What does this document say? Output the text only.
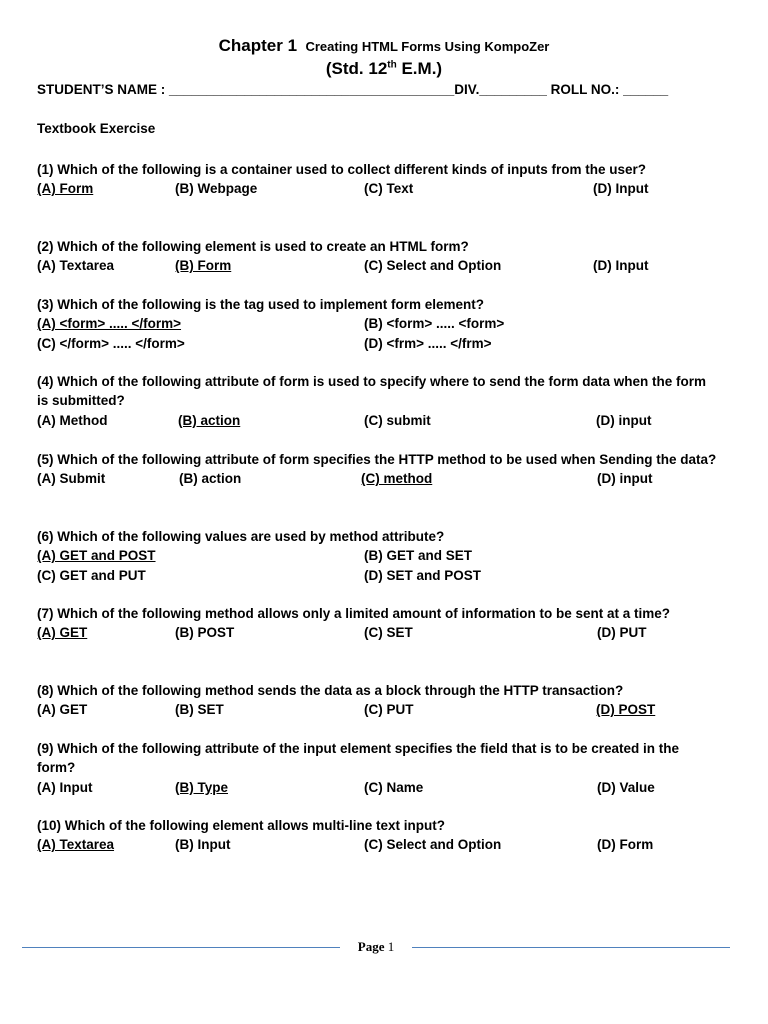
Chapter 1 Creating HTML Forms Using KompoZer
(Std. 12th E.M.)
STUDENT’S NAME : ______________________________________DIV._________ ROLL NO.: ______
Textbook Exercise
(1) Which of the following is a container used to collect different kinds of inputs from the user?
(A) Form	(B) Webpage	(C) Text	(D) Input
(2) Which of the following element is used to create an HTML form?
(A) Textarea	(B) Form	(C) Select and Option	(D) Input
(3) Which of the following is the tag used to implement form element?
(A) <form> ..... </form>	(B) <form> ..... <form>
(C) </form> ..... </form>	(D) <frm> ..... </frm>
(4) Which of the following attribute of form is used to specify where to send the form data when the form is submitted?
(A) Method	(B) action	(C) submit	(D) input
(5) Which of the following attribute of form specifies the HTTP method to be used when Sending the data?
(A) Submit	(B) action	(C) method	(D) input
(6) Which of the following values are used by method attribute?
(A) GET and POST	(B) GET and SET
(C) GET and PUT	(D) SET and POST
(7) Which of the following method allows only a limited amount of information to be sent at a time?
(A) GET	(B) POST	(C) SET	(D) PUT
(8) Which of the following method sends the data as a block through the HTTP transaction?
(A) GET	(B) SET	(C) PUT	(D) POST
(9) Which of the following attribute of the input element specifies the field that is to be created in the form?
(A) Input	(B) Type	(C) Name	(D) Value
(10) Which of the following element allows multi-line text input?
(A) Textarea	(B) Input	(C) Select and Option	(D) Form
Page 1
